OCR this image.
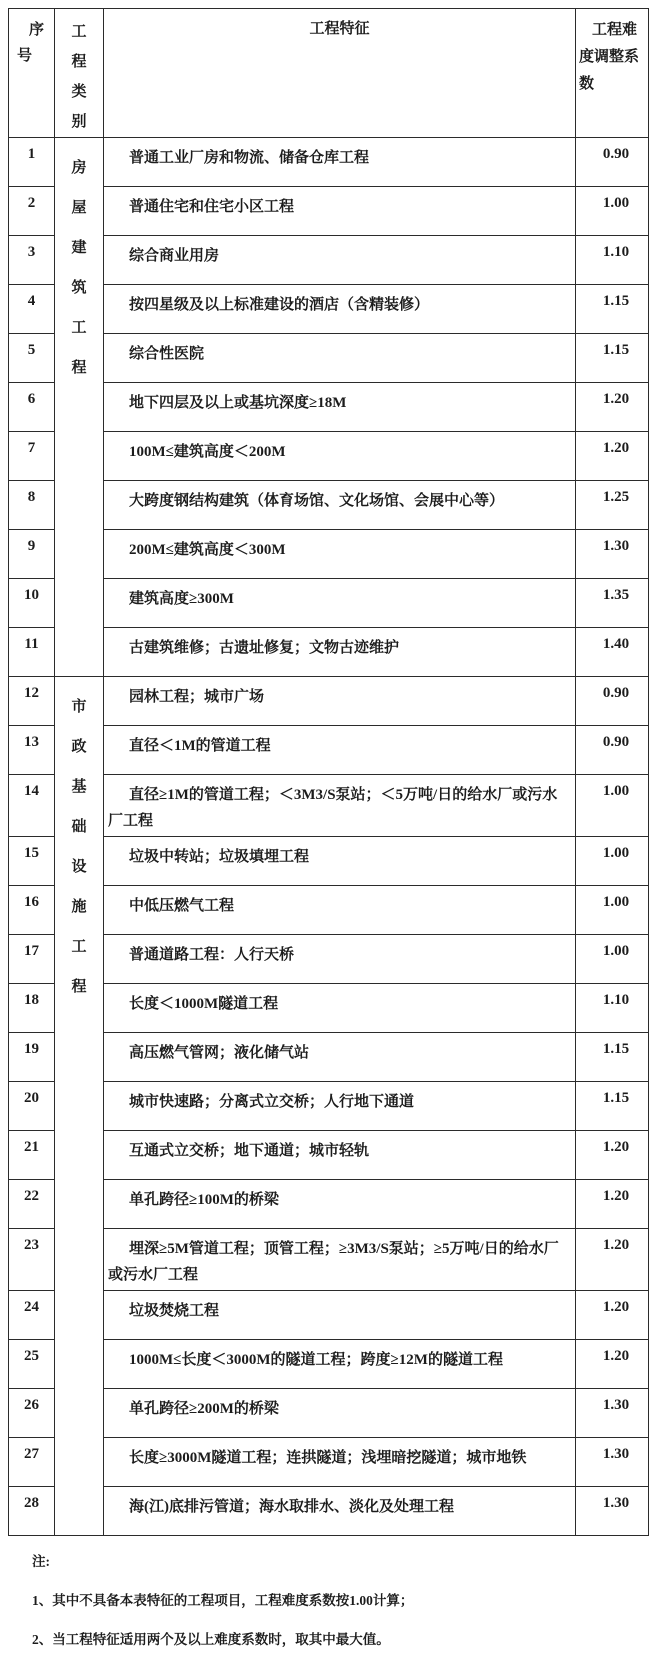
序号	工程类别	工程特征	工程难度调整系数

1	房屋建筑工程	普通工业厂房和物流、储备仓库工程	0.90
2		普通住宅和住宅小区工程	1.00
3		综合商业用房	1.10
4		按四星级及以上标准建设的酒店（含精装修）	1.15
5		综合性医院	1.15
6		地下四层及以上或基坑深度≥18M	1.20
7		100M≤建筑高度＜200M	1.20
8		大跨度钢结构建筑（体育场馆、文化场馆、会展中心等）	1.25
9		200M≤建筑高度＜300M	1.30
10		建筑高度≥300M	1.35
11		古建筑维修；古遗址修复；文物古迹维护	1.40
12	市政基础设施工程	园林工程；城市广场	0.90
13		直径＜1M的管道工程	0.90
14		直径≥1M的管道工程；＜3M3/S泵站；＜5万吨/日的给水厂或污水厂工程	1.00
15		垃圾中转站；垃圾填埋工程	1.00
16		中低压燃气工程	1.00
17		普通道路工程：人行天桥	1.00
18		长度＜1000M隧道工程	1.10
19		高压燃气管网；液化储气站	1.15
20		城市快速路；分离式立交桥；人行地下通道	1.15
21		互通式立交桥；地下通道；城市轻轨	1.20
22		单孔跨径≥100M的桥梁	1.20
23		埋深≥5M管道工程；顶管工程；≥3M3/S泵站；≥5万吨/日的给水厂或污水厂工程	1.20
24		垃圾焚烧工程	1.20
25		1000M≤长度＜3000M的隧道工程；跨度≥12M的隧道工程	1.20
26		单孔跨径≥200M的桥梁	1.30
27		长度≥3000M隧道工程；连拱隧道；浅埋暗挖隧道；城市地铁	1.30
28		海(江)底排污管道；海水取排水、淡化及处理工程	1.30
注:
1、其中不具备本表特征的工程项目，工程难度系数按1.00计算；
2、当工程特征适用两个及以上难度系数时，取其中最大值。
